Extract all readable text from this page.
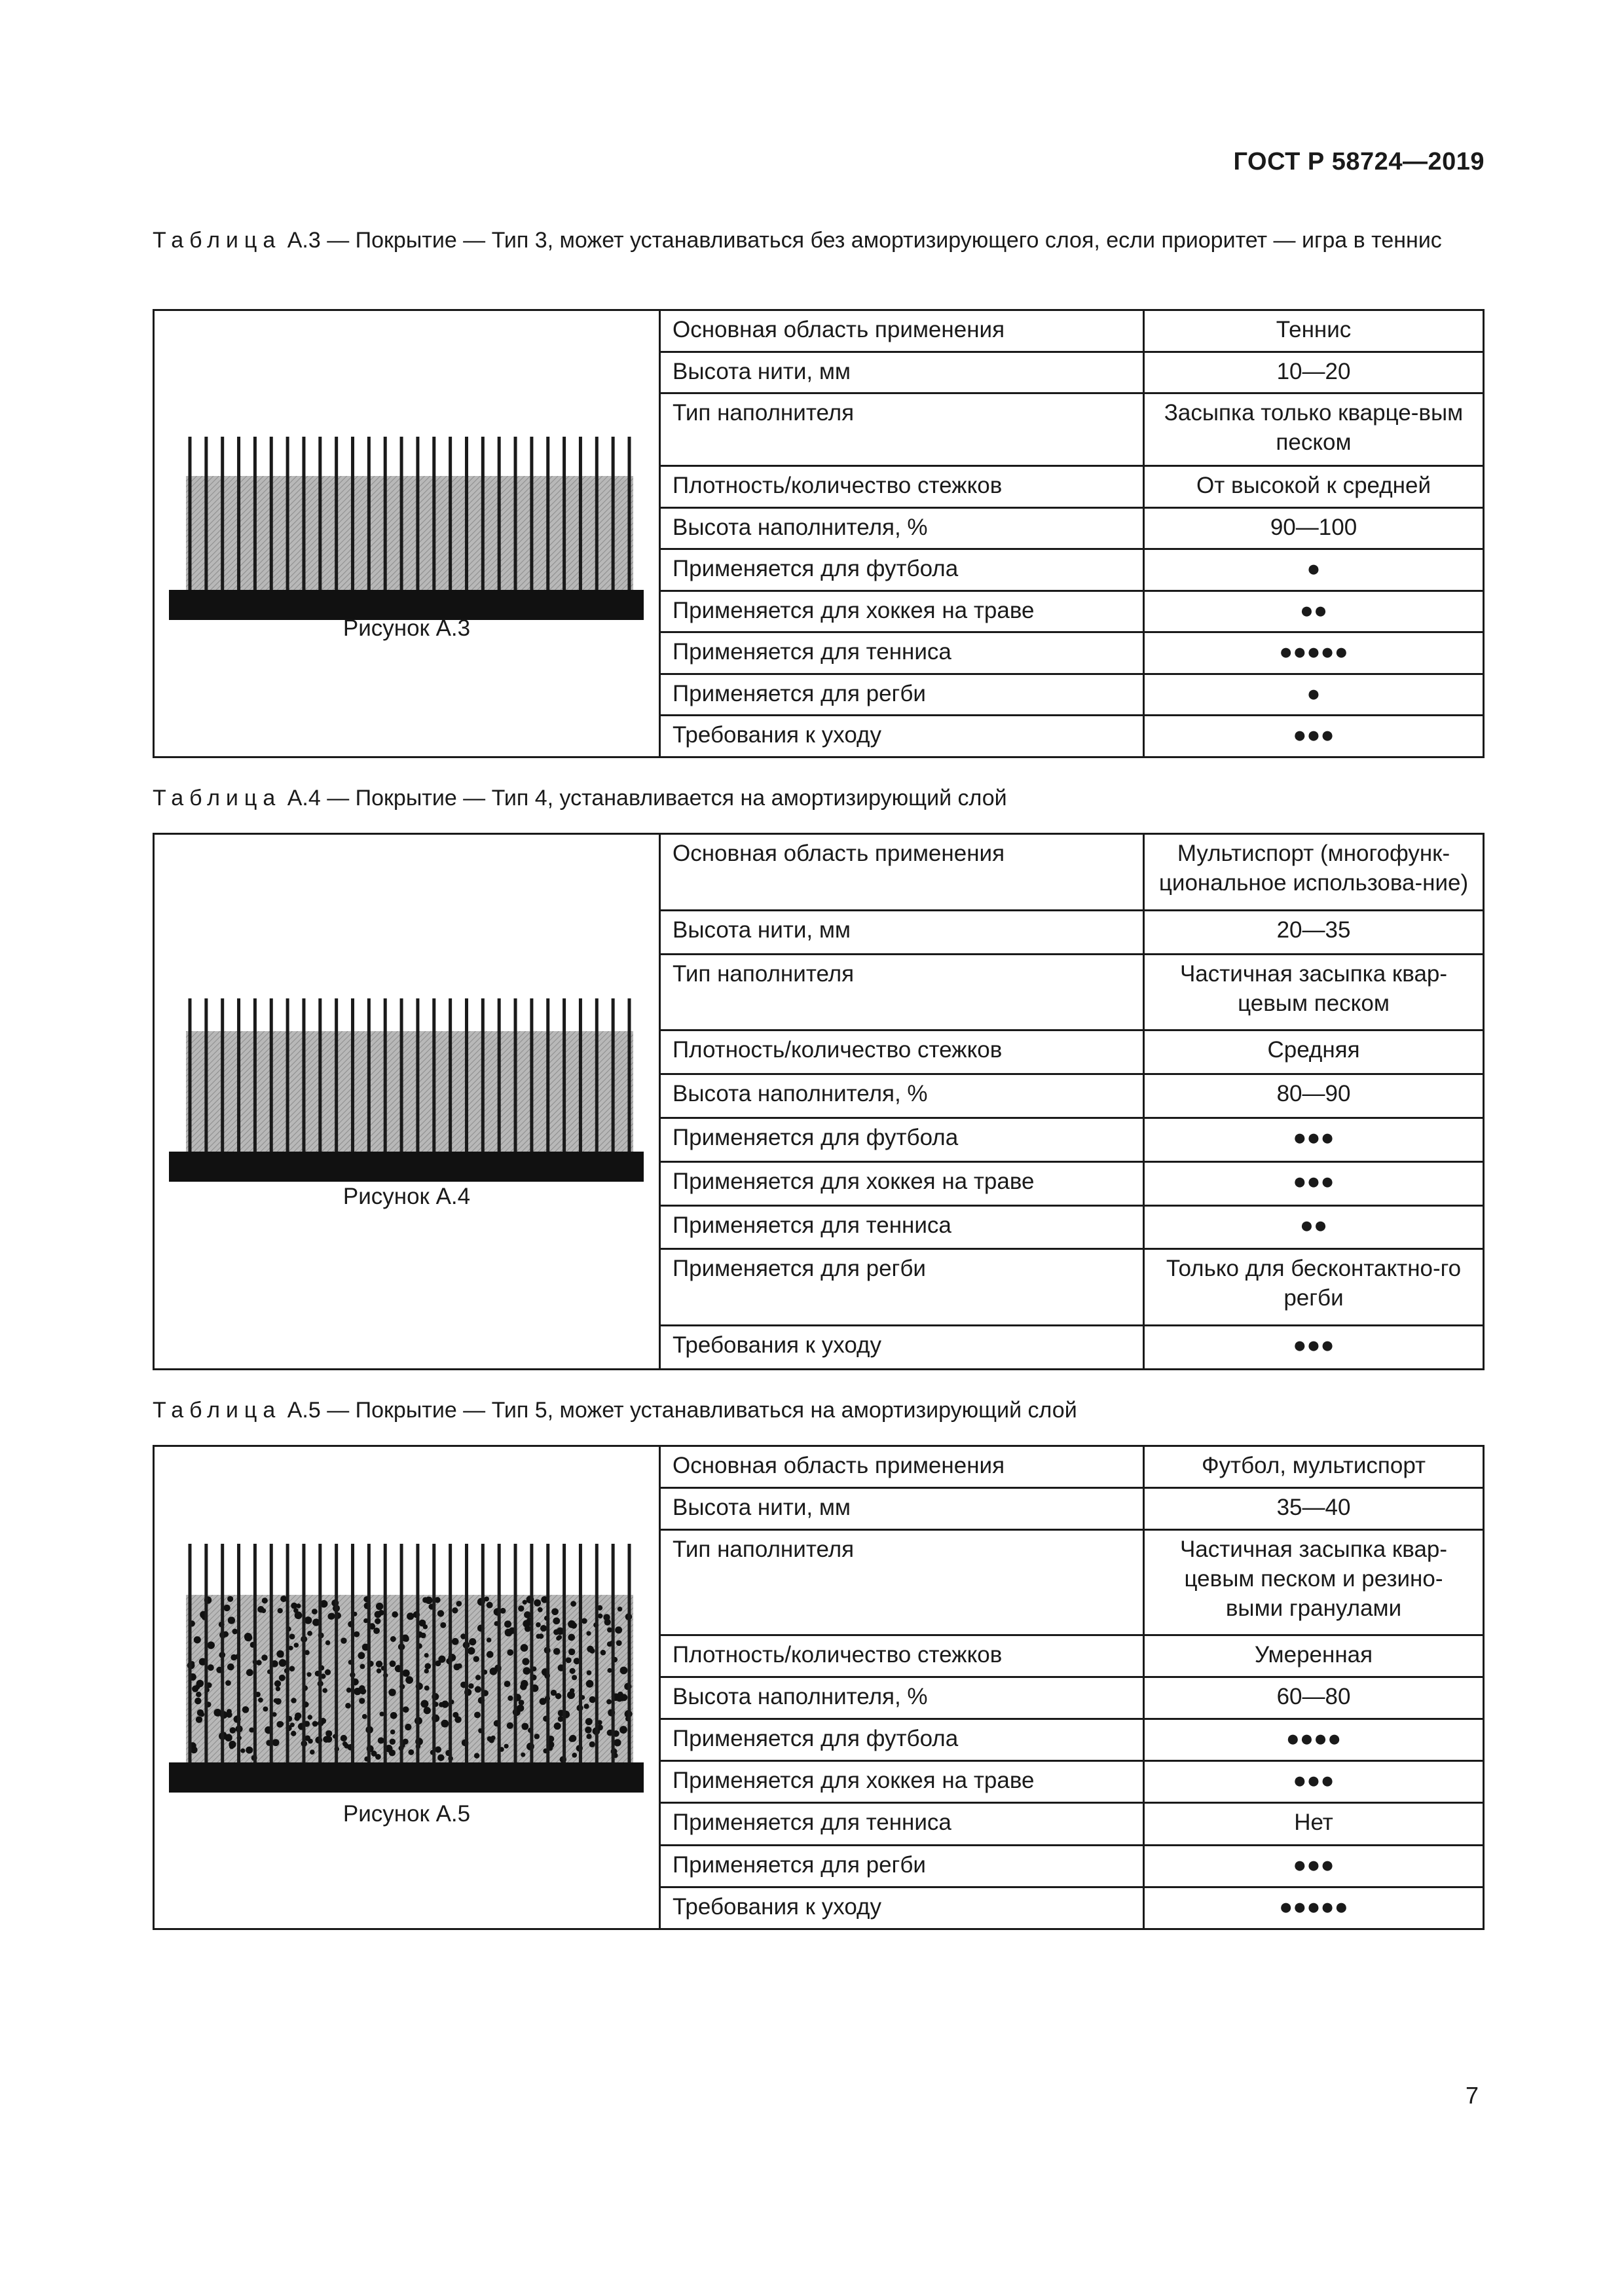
ГОСТ Р 58724—2019
Таблица А.3 — Покрытие — Тип 3, может устанавливаться без амортизирующего слоя, если приоритет — игра в теннис
Рисунок А.3	Основная область применения	Теннис
	Высота нити, мм	10—20
	Тип наполнителя	Засыпка только кварце-вым песком
	Плотность/количество стежков	От высокой к средней
	Высота наполнителя, %	90—100
	Применяется для футбола	●
	Применяется для хоккея на траве	●●
	Применяется для тенниса	●●●●●
	Применяется для регби	●
	Требования к уходу	●●●
Таблица А.4 — Покрытие — Тип 4, устанавливается на амортизирующий слой
Рисунок А.4	Основная область применения	Мультиспорт (многофунк-циональное использова-ние)
	Высота нити, мм	20—35
	Тип наполнителя	Частичная засыпка квар-цевым песком
	Плотность/количество стежков	Средняя
	Высота наполнителя, %	80—90
	Применяется для футбола	●●●
	Применяется для хоккея на траве	●●●
	Применяется для тенниса	●●
	Применяется для регби	Только для бесконтактно-го регби
	Требования к уходу	●●●
Таблица А.5 — Покрытие — Тип 5, может устанавливаться на амортизирующий слой
Рисунок А.5	Основная область применения	Футбол, мультиспорт
	Высота нити, мм	35—40
	Тип наполнителя	Частичная засыпка квар-цевым песком и резино-выми гранулами
	Плотность/количество стежков	Умеренная
	Высота наполнителя, %	60—80
	Применяется для футбола	●●●●
	Применяется для хоккея на траве	●●●
	Применяется для тенниса	Нет
	Применяется для регби	●●●
	Требования к уходу	●●●●●
7
